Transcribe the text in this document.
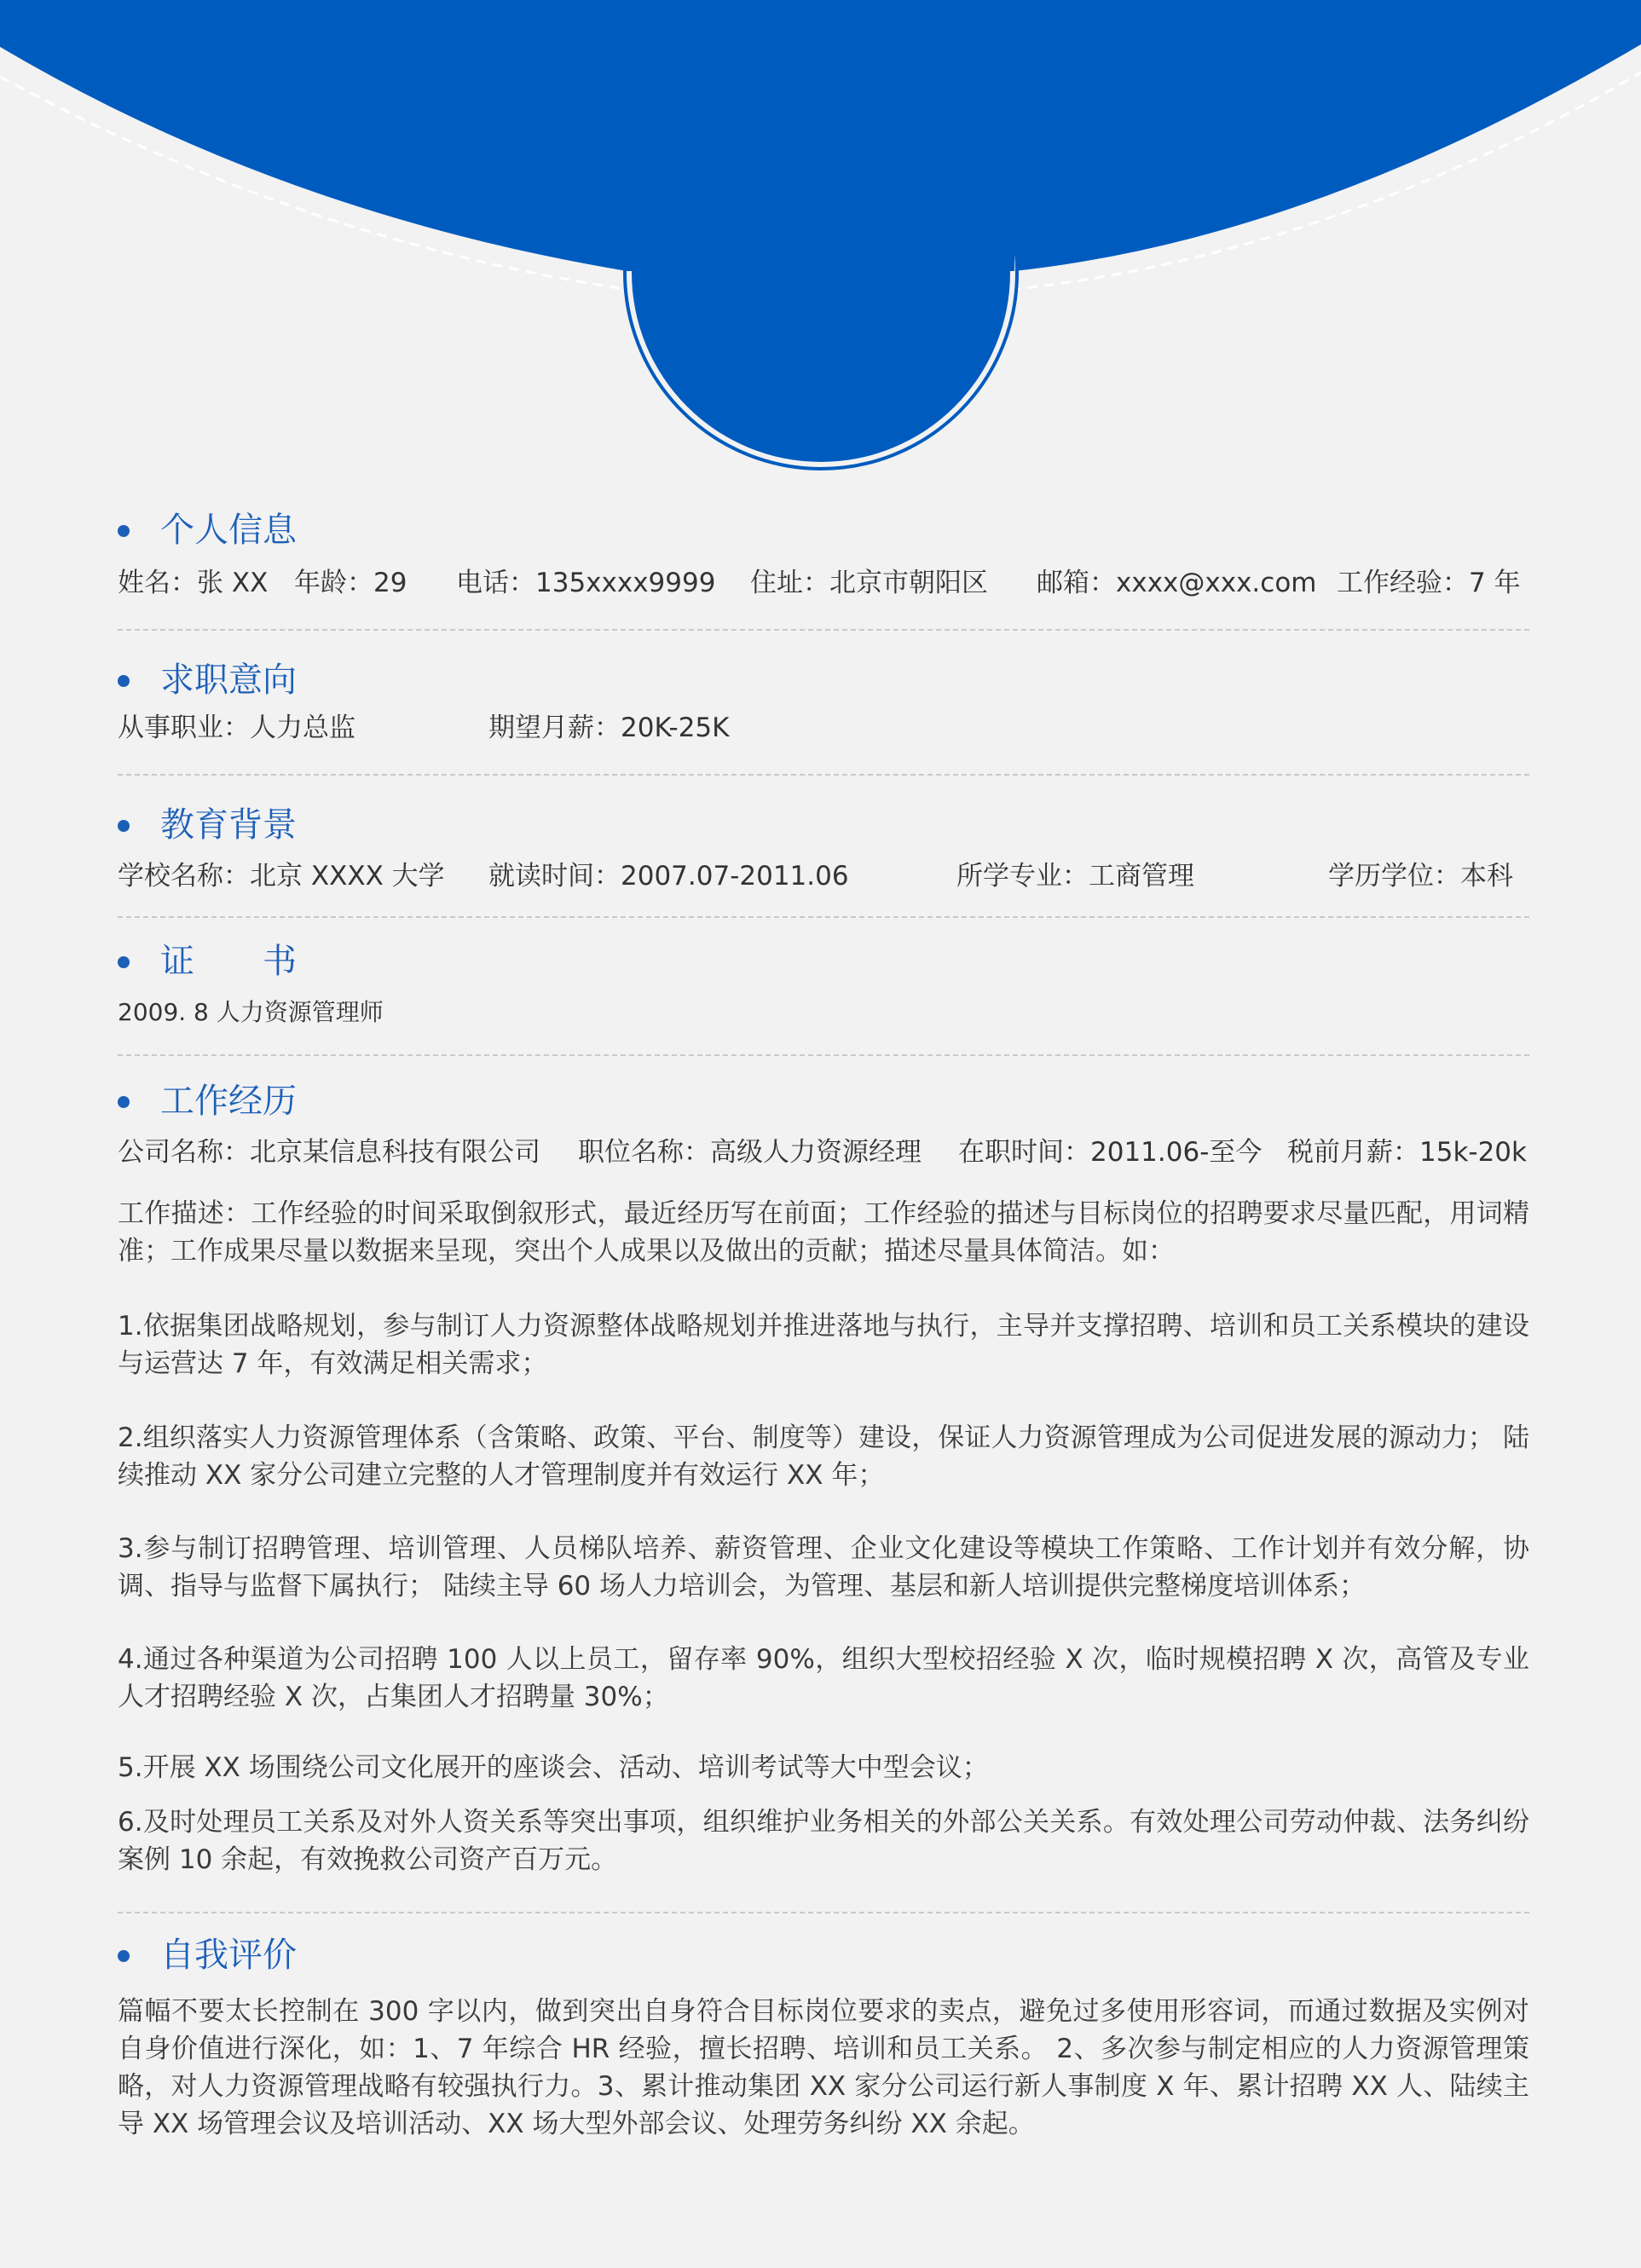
个人信息
姓名：张 XX 年龄：29 电话：135xxxx9999 住址：北京市朝阳区 邮箱：xxxx@xxx.com 工作经验：7 年
求职意向
从事职业：人力总监	期望月薪：20K-25K
教育背景
学校名称：北京 XXXX 大学 就读时间：2007.07-2011.06	所学专业：工商管理	学历学位：本科
证　　书
2009. 8 人力资源管理师
工作经历
公司名称：北京某信息科技有限公司 职位名称：高级人力资源经理 在职时间：2011.06-至今 税前月薪：15k-20k
工作描述：工作经验的时间采取倒叙形式，最近经历写在前面；工作经验的描述与目标岗位的招聘要求尽量匹配，用词精准；工作成果尽量以数据来呈现，突出个人成果以及做出的贡献；描述尽量具体简洁。如：
1.依据集团战略规划，参与制订人力资源整体战略规划并推进落地与执行，主导并支撑招聘、培训和员工关系模块的建设与运营达 7 年，有效满足相关需求；
2.组织落实人力资源管理体系（含策略、政策、平台、制度等）建设，保证人力资源管理成为公司促进发展的源动力； 陆续推动 XX 家分公司建立完整的人才管理制度并有效运行 XX 年；
3.参与制订招聘管理、培训管理、人员梯队培养、薪资管理、企业文化建设等模块工作策略、工作计划并有效分解，协调、指导与监督下属执行； 陆续主导 60 场人力培训会，为管理、基层和新人培训提供完整梯度培训体系；
4.通过各种渠道为公司招聘 100 人以上员工，留存率 90%，组织大型校招经验 X 次，临时规模招聘 X 次，高管及专业人才招聘经验 X 次，占集团人才招聘量 30%；
5.开展 XX 场围绕公司文化展开的座谈会、活动、培训考试等大中型会议；
6.及时处理员工关系及对外人资关系等突出事项，组织维护业务相关的外部公关关系。有效处理公司劳动仲裁、法务纠纷案例 10 余起，有效挽救公司资产百万元。
自我评价
篇幅不要太长控制在 300 字以内，做到突出自身符合目标岗位要求的卖点，避免过多使用形容词，而通过数据及实例对自身价值进行深化，如：1、7 年综合 HR 经验，擅长招聘、培训和员工关系。 2、多次参与制定相应的人力资源管理策略，对人力资源管理战略有较强执行力。3、累计推动集团 XX 家分公司运行新人事制度 X 年、累计招聘 XX 人、陆续主导 XX 场管理会议及培训活动、XX 场大型外部会议、处理劳务纠纷 XX 余起。
